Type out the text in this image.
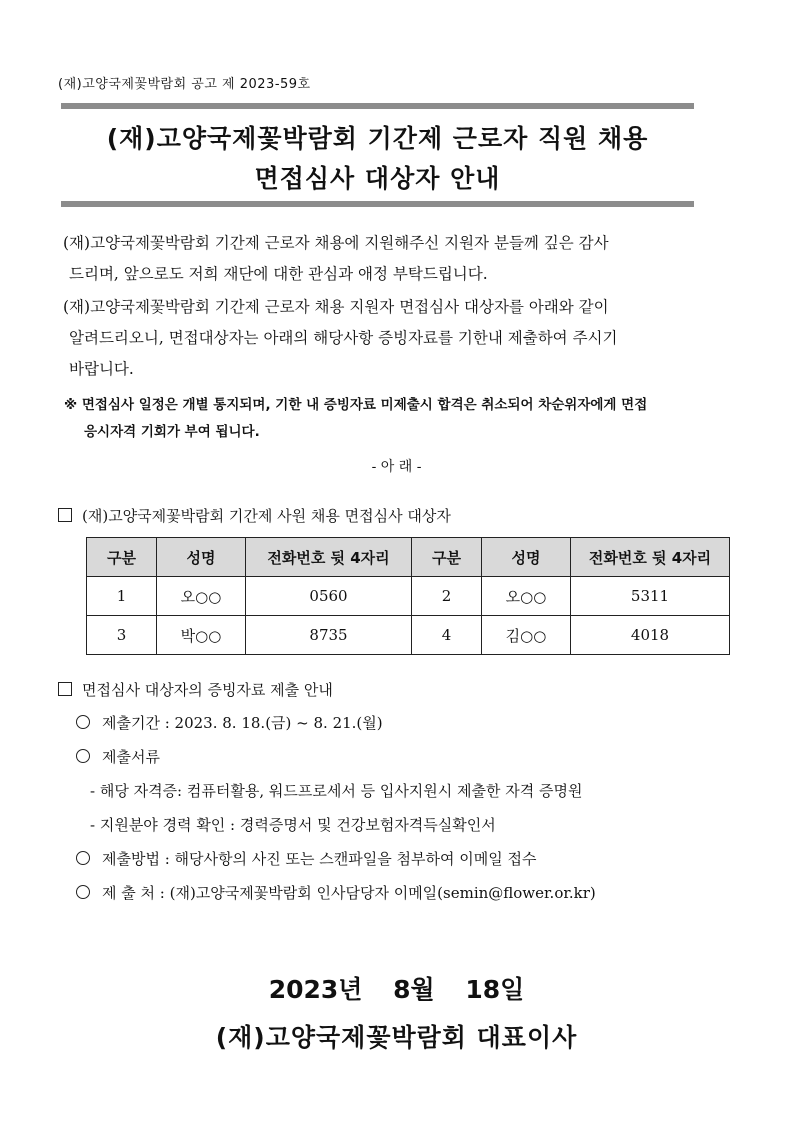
(재)고양국제꽃박람회 공고 제 2023-59호
(재)고양국제꽃박람회 기간제 근로자 직원 채용
면접심사 대상자 안내
(재)고양국제꽃박람회 기간제 근로자 채용에 지원해주신 지원자 분들께 깊은 감사
드리며, 앞으로도 저희 재단에 대한 관심과 애정 부탁드립니다.
(재)고양국제꽃박람회 기간제 근로자 채용 지원자 면접심사 대상자를 아래와 같이
알려드리오니, 면접대상자는 아래의 해당사항 증빙자료를 기한내 제출하여 주시기
바랍니다.
※ 면접심사 일정은 개별 통지되며, 기한 내 증빙자료 미제출시 합격은 취소되어 차순위자에게 면접
응시자격 기회가 부여 됩니다.
- 아 래 -
(재)고양국제꽃박람회 기간제 사원 채용 면접심사 대상자
구분	성명	전화번호 뒷 4자리	구분	성명	전화번호 뒷 4자리
1	오○○	0560	2	오○○	5311
3	박○○	8735	4	김○○	4018
면접심사 대상자의 증빙자료 제출 안내
제출기간 : 2023. 8. 18.(금) ~ 8. 21.(월)
제출서류
- 해당 자격증: 컴퓨터활용, 워드프로세서 등 입사지원시 제출한 자격 증명원
- 지원분야 경력 확인 : 경력증명서 및 건강보험자격득실확인서
제출방법 : 해당사항의 사진 또는 스캔파일을 첨부하여 이메일 접수
제 출 처 : (재)고양국제꽃박람회 인사담당자 이메일(semin@flower.or.kr)
2023년 8월 18일
(재)고양국제꽃박람회 대표이사
